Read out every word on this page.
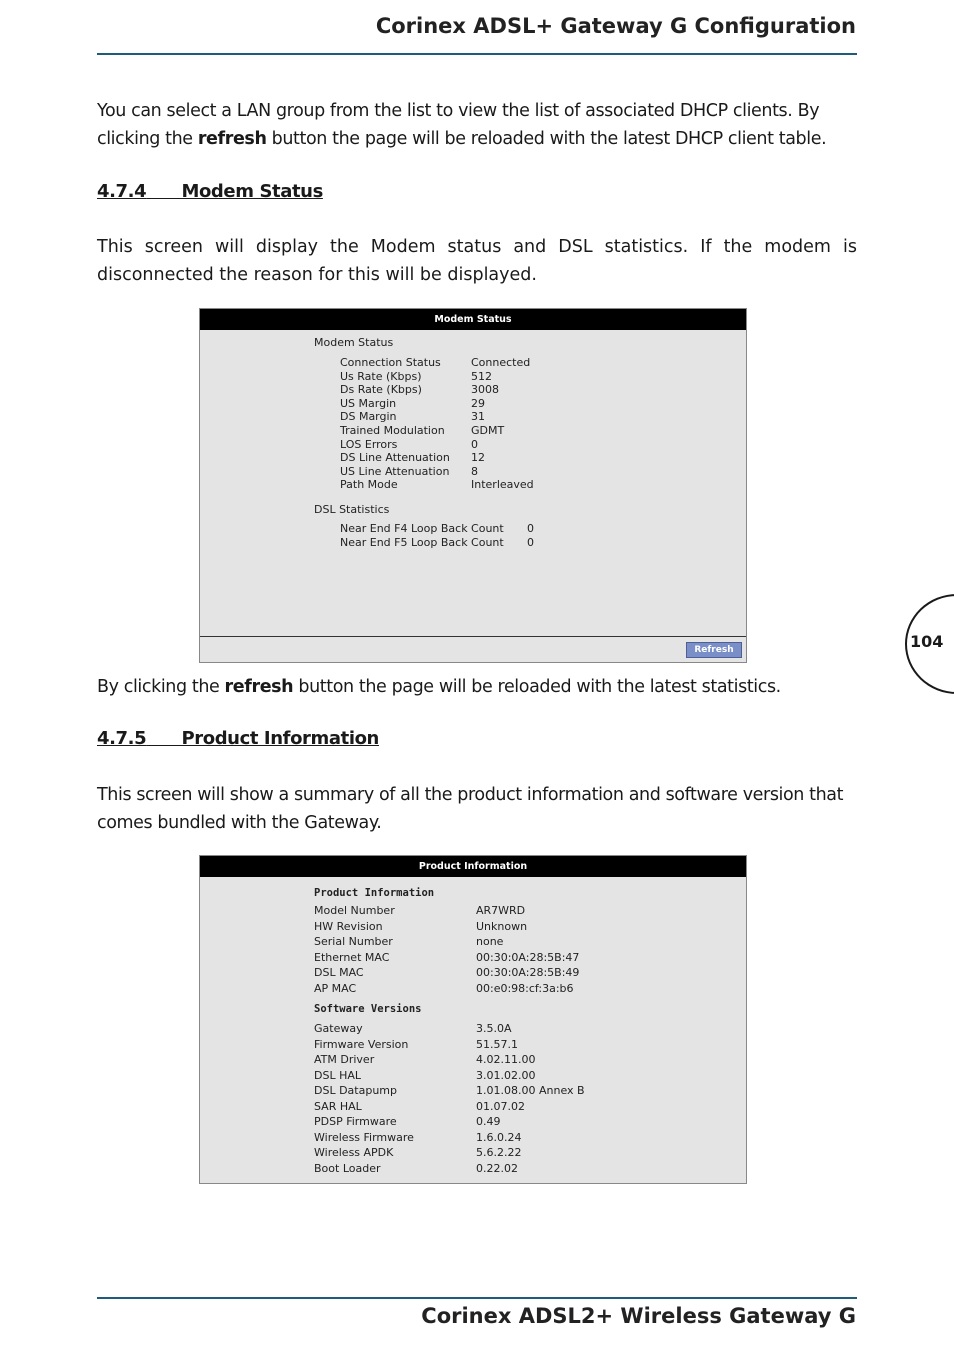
Corinex ADSL+ Gateway G Configuration
You can select a LAN group from the list to view the list of associated DHCP clients. By clicking the refresh button the page will be reloaded with the latest DHCP client table.
4.7.4 Modem Status
This screen will display the Modem status and DSL statistics. If the modem is disconnected the reason for this will be displayed.
Modem Status
Modem Status
Connection Status	Connected
Us Rate (Kbps)	512
Ds Rate (Kbps)	3008
US Margin	29
DS Margin	31
Trained Modulation	GDMT
LOS Errors	0
DS Line Attenuation	12
US Line Attenuation	8
Path Mode	Interleaved
DSL Statistics
Near End F4 Loop Back Count	0
Near End F5 Loop Back Count	0
Refresh
By clicking the refresh button the page will be reloaded with the latest statistics.
4.7.5 Product Information
This screen will show a summary of all the product information and software version that comes bundled with the Gateway.
Product Information
Product Information
Model Number	AR7WRD
HW Revision	Unknown
Serial Number	none
Ethernet MAC	00:30:0A:28:5B:47
DSL MAC	00:30:0A:28:5B:49
AP MAC	00:e0:98:cf:3a:b6
Software Versions
Gateway	3.5.0A
Firmware Version	51.57.1
ATM Driver	4.02.11.00
DSL HAL	3.01.02.00
DSL Datapump	1.01.08.00 Annex B
SAR HAL	01.07.02
PDSP Firmware	0.49
Wireless Firmware	1.6.0.24
Wireless APDK	5.6.2.22
Boot Loader	0.22.02
104
Corinex ADSL2+ Wireless Gateway G
